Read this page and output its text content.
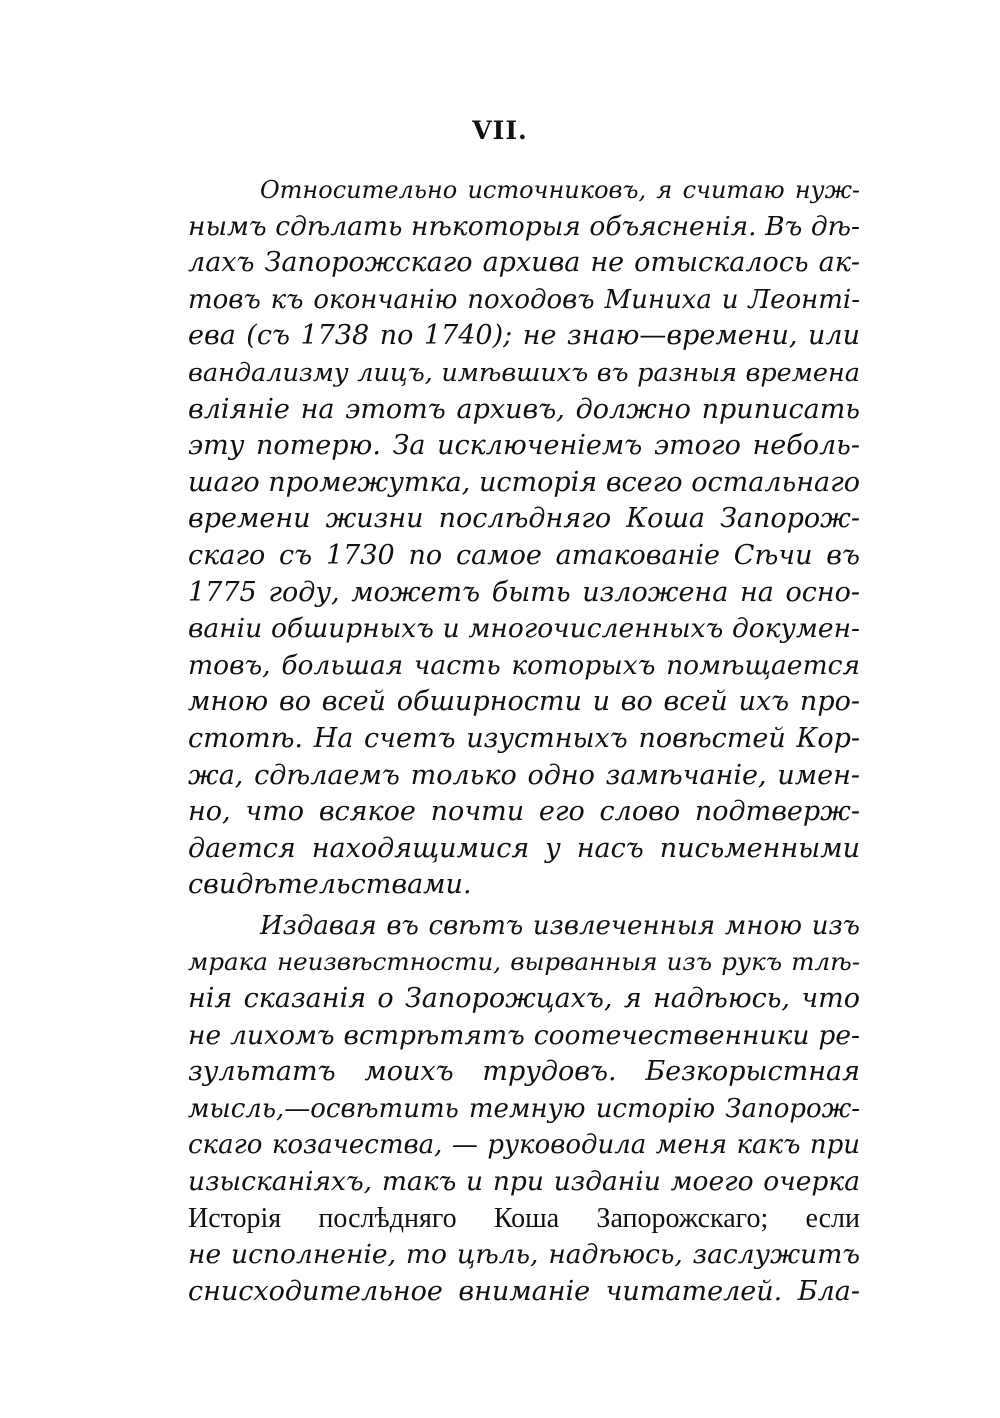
VII.
Относительно источниковъ, я считаю нуж-
нымъ сдѣлать нѣкоторыя объясненія. Въ дѣ-
лахъ Запорожскаго архива не отыскалось ак-
товъ къ окончанію походовъ Миниха и Леонті-
ева (съ 1738 по 1740); не знаю—времени, или
вандализму лицъ, имѣвшихъ въ разныя времена
вліяніе на этотъ архивъ, должно приписать
эту потерю. За исключеніемъ этого неболь-
шаго промежутка, исторія всего остальнаго
времени жизни послѣдняго Коша Запорож-
скаго съ 1730 по самое атакованіе Сѣчи въ
1775 году, можетъ быть изложена на осно-
ваніи обширныхъ и многочисленныхъ докумен-
товъ, большая часть которыхъ помѣщается
мною во всей обширности и во всей ихъ про-
стотѣ. На счетъ изустныхъ повѣстей Кор-
жа, сдѣлаемъ только одно замѣчаніе, имен-
но, что всякое почти его слово подтверж-
дается находящимися у насъ письменными
свидѣтельствами.
Издавая въ свѣтъ извлеченныя мною изъ
мрака неизвѣстности, вырванныя изъ рукъ тлѣ-
нія сказанія о Запорожцахъ, я надѣюсь, что
не лихомъ встрѣтятъ соотечественники ре-
зультатъ моихъ трудовъ. Безкорыстная
мысль,—освѣтить темную исторію Запорож-
скаго козачества, — руководила меня какъ при
изысканіяхъ, такъ и при изданіи моего очерка
Исторія послѣдняго Коша Запорожскаго; если
не исполненіе, то цѣль, надѣюсь, заслужитъ
снисходительное вниманіе читателей. Бла-
